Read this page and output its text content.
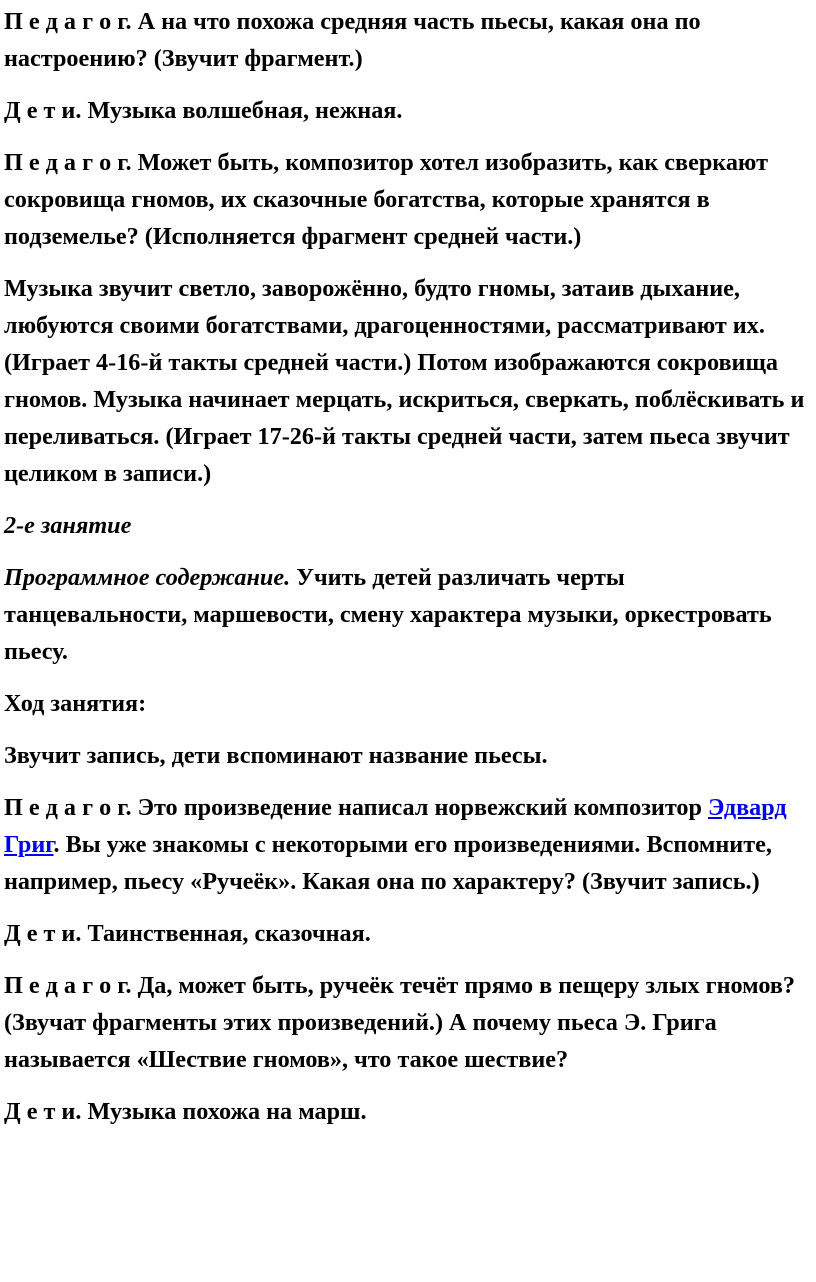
П е д а г о г. А на что похожа средняя часть пьесы, какая она по настроению? (Звучит фрагмент.)

Д е т и. Музыка волшебная, нежная.

П е д а г о г. Может быть, композитор хотел изобразить, как сверкают сокровища гномов, их сказочные богатства, которые хранятся в подземелье? (Исполняется фрагмент средней части.)

Музыка звучит светло, заворожённо, будто гномы, затаив дыхание, любуются своими богатствами, драгоценностями, рассматривают их. (Играет 4-16-й такты средней части.) Потом изображаются сокровища гномов. Музыка начинает мерцать, искриться, сверкать, поблёскивать и переливаться. (Играет 17-26-й такты средней части, затем пьеса звучит целиком в записи.)

2-е занятие

Программное содержание. Учить детей различать черты танцевальности, маршевости, смену характера музыки, оркестровать пьесу.

Ход занятия:

Звучит запись, дети вспоминают название пьесы.

П е д а г о г. Это произведение написал норвежский композитор Эдвард Григ. Вы уже знакомы с некоторыми его произведениями. Вспомните, например, пьесу «Ручеёк». Какая она по характеру? (Звучит запись.)

Д е т и. Таинственная, сказочная.

П е д а г о г. Да, может быть, ручеёк течёт прямо в пещеру злых гномов? (Звучат фрагменты этих произведений.) А почему пьеса Э. Грига называется «Шествие гномов», что такое шествие?

Д е т и. Музыка похожа на марш.
